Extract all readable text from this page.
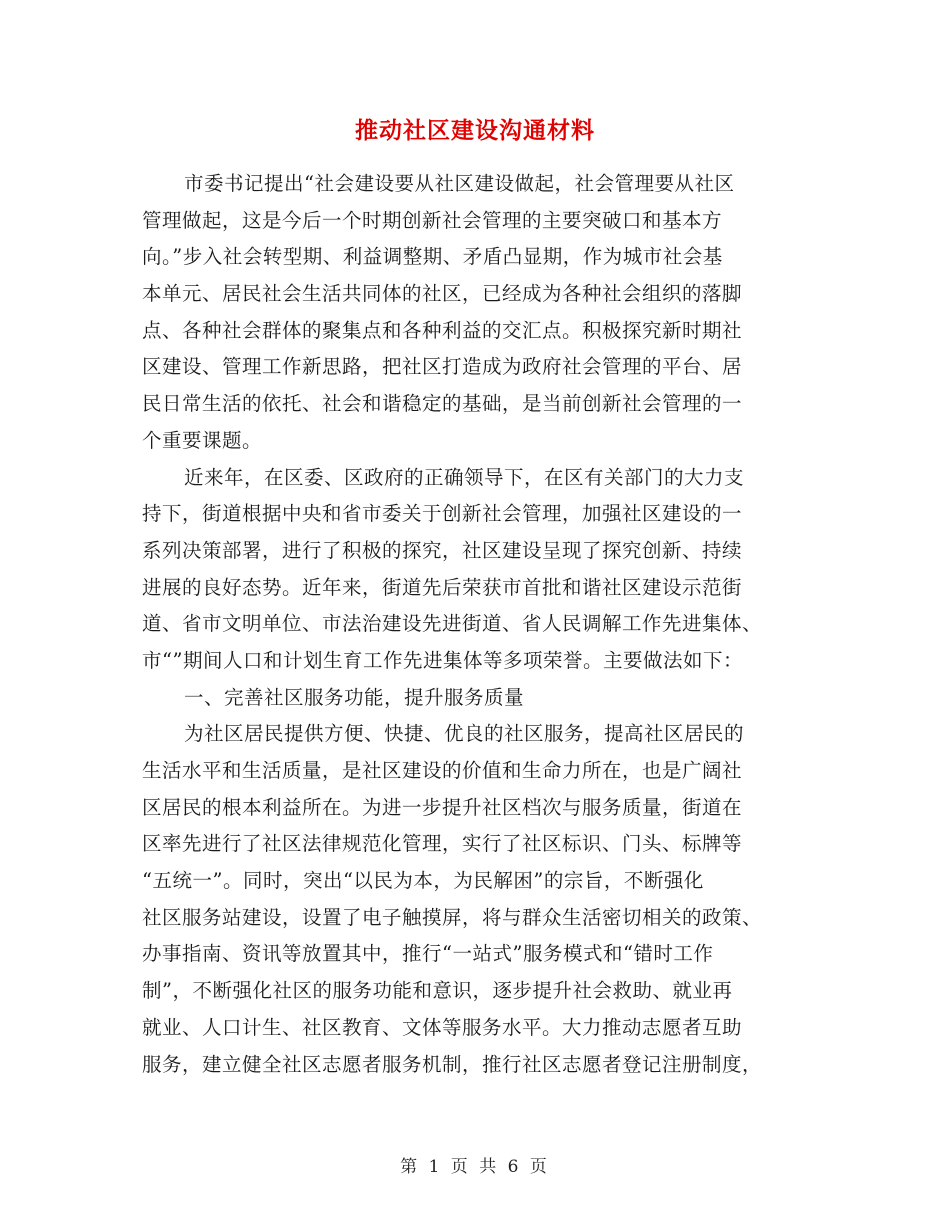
推动社区建设沟通材料
市委书记提出“社会建设要从社区建设做起，社会管理要从社区
管理做起，这是今后一个时期创新社会管理的主要突破口和基本方
向。”步入社会转型期、利益调整期、矛盾凸显期，作为城市社会基
本单元、居民社会生活共同体的社区，已经成为各种社会组织的落脚
点、各种社会群体的聚集点和各种利益的交汇点。积极探究新时期社
区建设、管理工作新思路，把社区打造成为政府社会管理的平台、居
民日常生活的依托、社会和谐稳定的基础，是当前创新社会管理的一
个重要课题。
近来年，在区委、区政府的正确领导下，在区有关部门的大力支
持下，街道根据中央和省市委关于创新社会管理，加强社区建设的一
系列决策部署，进行了积极的探究，社区建设呈现了探究创新、持续
进展的良好态势。近年来，街道先后荣获市首批和谐社区建设示范街
道、省市文明单位、市法治建设先进街道、省人民调解工作先进集体、
市“”期间人口和计划生育工作先进集体等多项荣誉。主要做法如下：
一、完善社区服务功能，提升服务质量
为社区居民提供方便、快捷、优良的社区服务，提高社区居民的
生活水平和生活质量，是社区建设的价值和生命力所在，也是广阔社
区居民的根本利益所在。为进一步提升社区档次与服务质量，街道在
区率先进行了社区法律规范化管理，实行了社区标识、门头、标牌等
“五统一”。同时，突出“以民为本，为民解困”的宗旨，不断强化
社区服务站建设，设置了电子触摸屏，将与群众生活密切相关的政策、
办事指南、资讯等放置其中，推行“一站式”服务模式和“错时工作
制”，不断强化社区的服务功能和意识，逐步提升社会救助、就业再
就业、人口计生、社区教育、文体等服务水平。大力推动志愿者互助
服务，建立健全社区志愿者服务机制，推行社区志愿者登记注册制度，
第 1 页 共 6 页
